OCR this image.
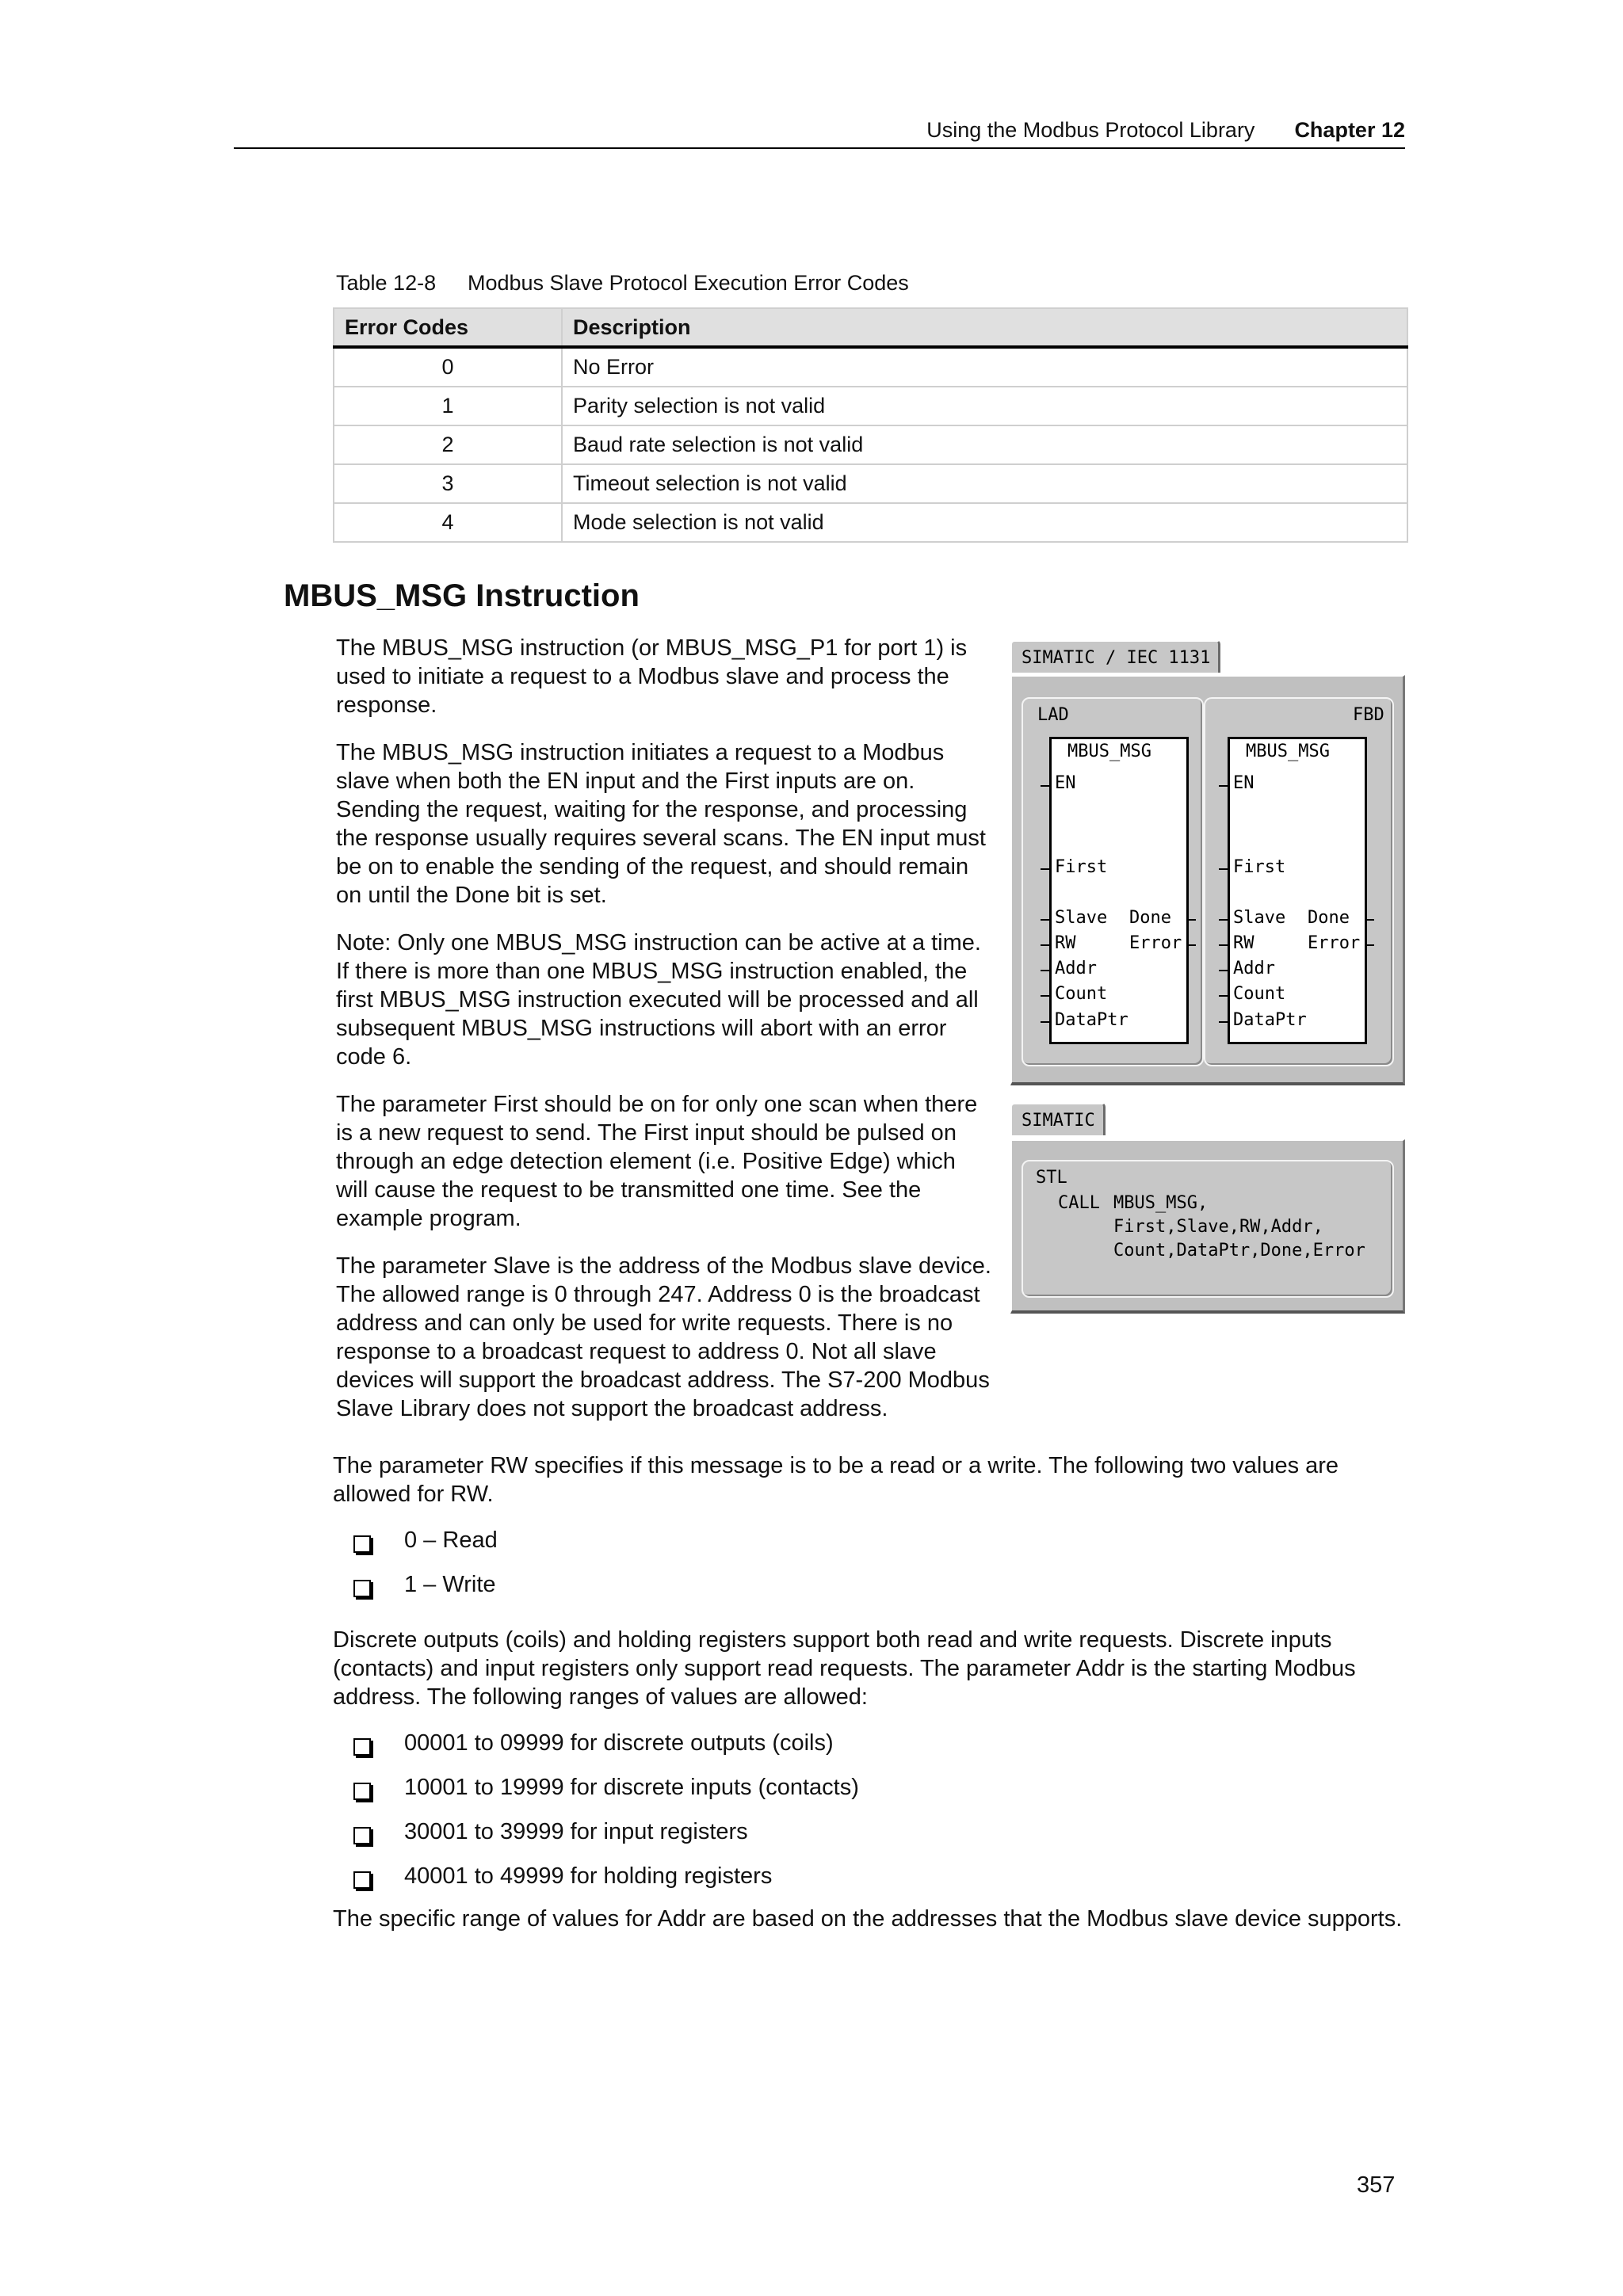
Using the Modbus Protocol Library Chapter 12
Table 12-8 Modbus Slave Protocol Execution Error Codes
Error Codes	Description
0	No Error
1	Parity selection is not valid
2	Baud rate selection is not valid
3	Timeout selection is not valid
4	Mode selection is not valid
MBUS_MSG Instruction

The MBUS_MSG instruction (or MBUS_MSG_P1 for port 1) is used to initiate a request to a Modbus slave and process the response.

The MBUS_MSG instruction initiates a request to a Modbus slave when both the EN input and the First inputs are on. Sending the request, waiting for the response, and processing the response usually requires several scans. The EN input must be on to enable the sending of the request, and should remain on until the Done bit is set.

Note: Only one MBUS_MSG instruction can be active at a time. If there is more than one MBUS_MSG instruction enabled, the first MBUS_MSG instruction executed will be processed and all subsequent MBUS_MSG instructions will abort with an error code 6.

The parameter First should be on for only one scan when there is a new request to send. The First input should be pulsed on through an edge detection element (i.e. Positive Edge) which will cause the request to be transmitted one time. See the example program.

The parameter Slave is the address of the Modbus slave device. The allowed range is 0 through 247. Address 0 is the broadcast address and can only be used for write requests. There is no response to a broadcast request to address 0. Not all slave devices will support the broadcast address. The S7-200 Modbus Slave Library does not support the broadcast address.

SIMATIC / IEC 1131
LAD
MBUS_MSG
FBD
MBUS_MSG
EN
First
Slave
RW
Addr
Count
DataPtr
Done
Error
EN
First
Slave
RW
Addr
Count
DataPtr
Done
Error
SIMATIC
STL
CALL MBUS_MSG,
First,Slave,RW,Addr,
Count,DataPtr,Done,Error

The parameter RW specifies if this message is to be a read or a write. The following two values are allowed for RW.

0 – Read
1 – Write

Discrete outputs (coils) and holding registers support both read and write requests. Discrete inputs (contacts) and input registers only support read requests. The parameter Addr is the starting Modbus address. The following ranges of values are allowed:

00001 to 09999 for discrete outputs (coils)
10001 to 19999 for discrete inputs (contacts)
30001 to 39999 for input registers
40001 to 49999 for holding registers

The specific range of values for Addr are based on the addresses that the Modbus slave device supports.

357
